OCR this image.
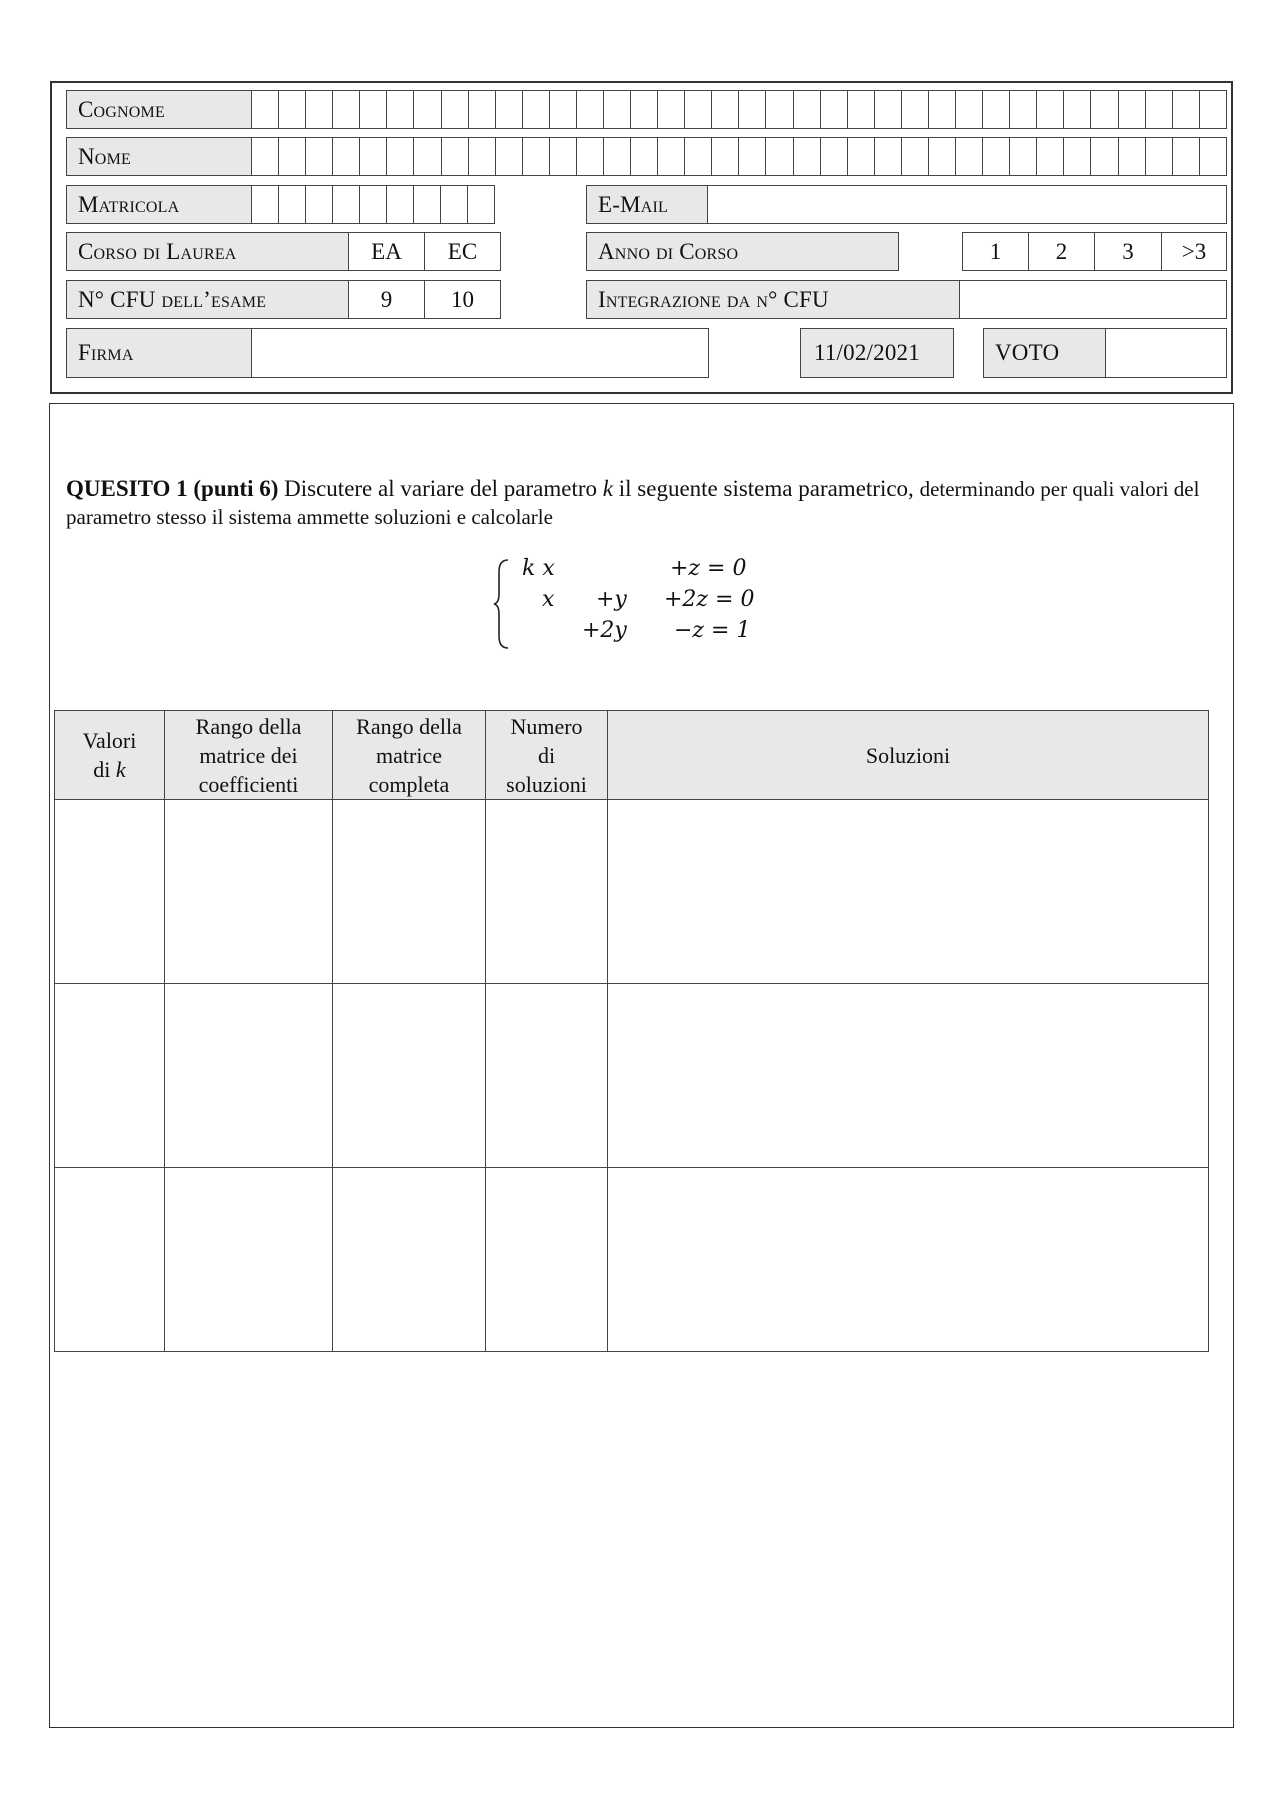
Cognome
Nome
Matricola	E-Mail
Corso di Laurea	EA	EC	Anno di Corso	1	2	3	>3
N° CFU dell’esame	9	10	Integrazione da n° CFU
Firma	11/02/2021	VOTO
QUESITO 1 (punti 6) Discutere al variare del parametro k il seguente sistema parametrico, determinando per quali valori del parametro stesso il sistema ammette soluzioni e calcolarle
k x	+z = 0
x +y +2z = 0
+2y −z = 1
Valori
di k	Rango della
matrice dei
coefficienti	Rango della
matrice
completa	Numero
di
soluzioni	Soluzioni
